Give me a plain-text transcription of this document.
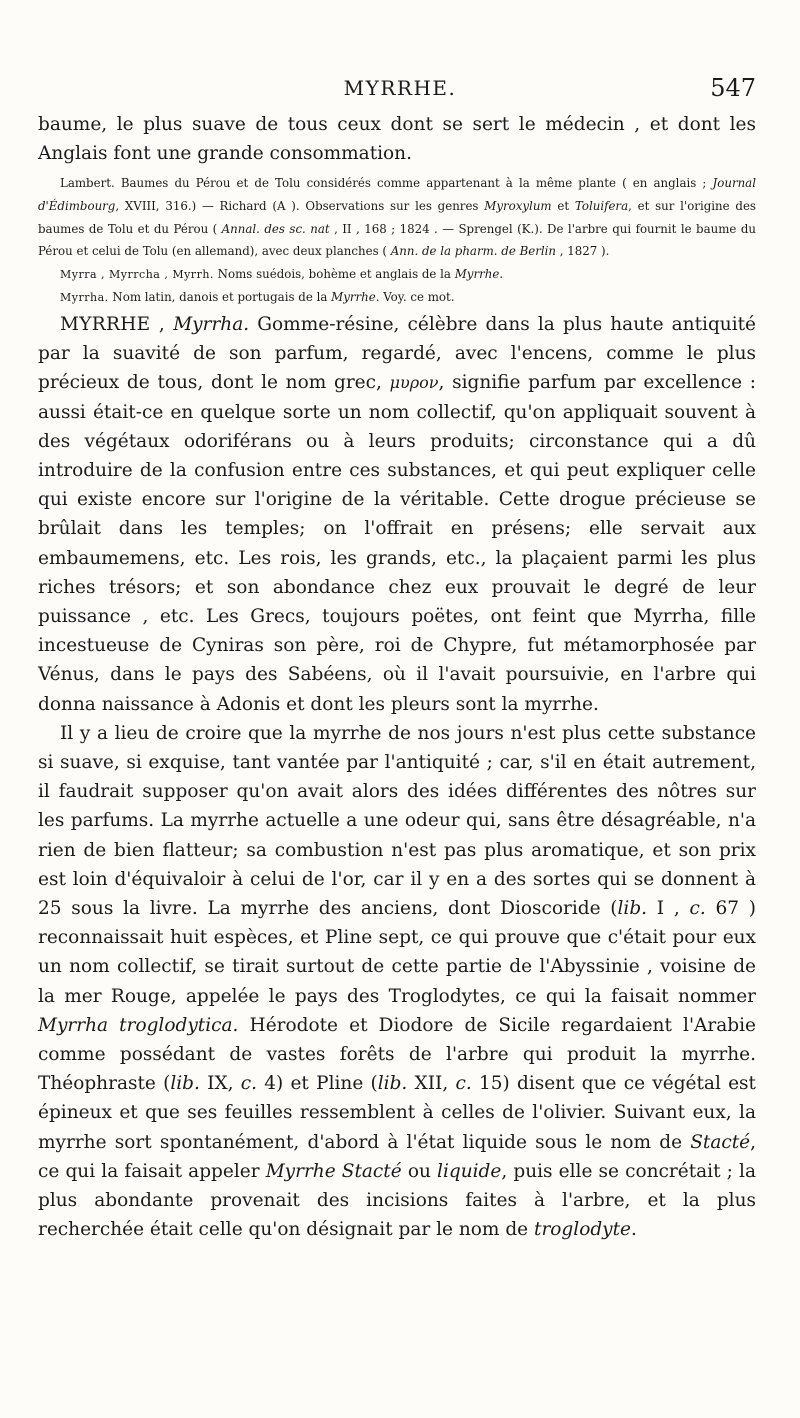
MYRRHE.	547

baume, le plus suave de tous ceux dont se sert le médecin , et dont les Anglais font une grande consommation.

Lambert. Baumes du Pérou et de Tolu considérés comme appartenant à la même plante ( en anglais ; Journal d'Édimbourg, XVIII, 316.) — Richard (A ). Observations sur les genres Myroxylum et Toluifera, et sur l'origine des baumes de Tolu et du Pérou ( Annal. des sc. nat , II , 168 ; 1824 . — Sprengel (K.). De l'arbre qui fournit le baume du Pérou et celui de Tolu (en allemand), avec deux planches ( Ann. de la pharm. de Berlin , 1827 ).

Myrra , Myrrcha , Myrrh. Noms suédois, bohème et anglais de la Myrrhe.

Myrrha. Nom latin, danois et portugais de la Myrrhe. Voy. ce mot.

MYRRHE , Myrrha. Gomme-résine, célèbre dans la plus haute antiquité par la suavité de son parfum, regardé, avec l'encens, comme le plus précieux de tous, dont le nom grec, μυρον, signifie parfum par excellence : aussi était-ce en quelque sorte un nom collectif, qu'on appliquait souvent à des végétaux odoriférans ou à leurs produits; circonstance qui a dû introduire de la confusion entre ces substances, et qui peut expliquer celle qui existe encore sur l'origine de la véritable. Cette drogue précieuse se brûlait dans les temples; on l'offrait en présens; elle servait aux embaumemens, etc. Les rois, les grands, etc., la plaçaient parmi les plus riches trésors; et son abondance chez eux prouvait le degré de leur puissance , etc. Les Grecs, toujours poëtes, ont feint que Myrrha, fille incestueuse de Cyniras son père, roi de Chypre, fut métamorphosée par Vénus, dans le pays des Sabéens, où il l'avait poursuivie, en l'arbre qui donna naissance à Adonis et dont les pleurs sont la myrrhe.

Il y a lieu de croire que la myrrhe de nos jours n'est plus cette substance si suave, si exquise, tant vantée par l'antiquité ; car, s'il en était autrement, il faudrait supposer qu'on avait alors des idées différentes des nôtres sur les parfums. La myrrhe actuelle a une odeur qui, sans être désagréable, n'a rien de bien flatteur; sa combustion n'est pas plus aromatique, et son prix est loin d'équivaloir à celui de l'or, car il y en a des sortes qui se donnent à 25 sous la livre. La myrrhe des anciens, dont Dioscoride (lib. I , c. 67 ) reconnaissait huit espèces, et Pline sept, ce qui prouve que c'était pour eux un nom collectif, se tirait surtout de cette partie de l'Abyssinie , voisine de la mer Rouge, appelée le pays des Troglodytes, ce qui la faisait nommer Myrrha troglodytica. Hérodote et Diodore de Sicile regardaient l'Arabie comme possédant de vastes forêts de l'arbre qui produit la myrrhe. Théophraste (lib. IX, c. 4) et Pline (lib. XII, c. 15) disent que ce végétal est épineux et que ses feuilles ressemblent à celles de l'olivier. Suivant eux, la myrrhe sort spontanément, d'abord à l'état liquide sous le nom de Stacté, ce qui la faisait appeler Myrrhe Stacté ou liquide, puis elle se concrétait ; la plus abondante provenait des incisions faites à l'arbre, et la plus recherchée était celle qu'on désignait par le nom de troglodyte.
